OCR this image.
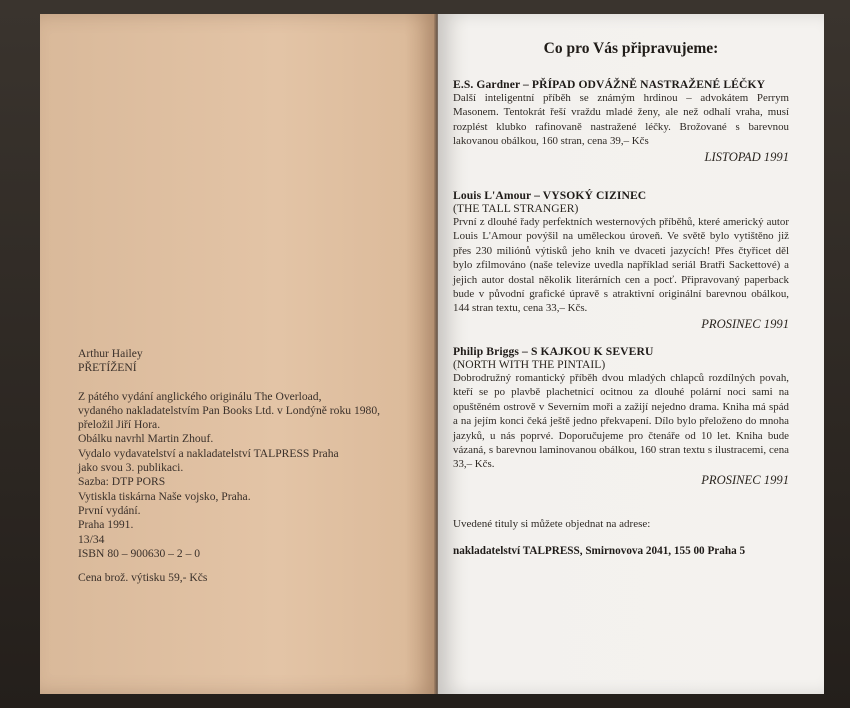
Arthur Hailey
PŘETÍŽENÍ
Z pátého vydání anglického originálu The Overload,
vydaného nakladatelstvím Pan Books Ltd. v Londýně roku 1980,
přeložil Jiří Hora.
Obálku navrhl Martin Zhouf.
Vydalo vydavatelství a nakladatelství TALPRESS Praha
jako svou 3. publikaci.
Sazba: DTP PORS
Vytiskla tiskárna Naše vojsko, Praha.
První vydání.
Praha 1991.
13/34
ISBN 80 – 900630 – 2 – 0
Cena brož. výtisku 59,- Kčs
Co pro Vás připravujeme:
E.S. Gardner – PŘÍPAD ODVÁŽNĚ NASTRAŽENÉ LÉČKY
Další inteligentní příběh se známým hrdinou – advokátem Perrym Masonem. Tentokrát řeší vraždu mladé ženy, ale než odhalí vraha, musí rozplést klubko rafinovaně nastražené léčky. Brožované s barevnou lakovanou obálkou, 160 stran, cena 39,– Kčs
LISTOPAD 1991
Louis L'Amour – VYSOKÝ CIZINEC
(THE TALL STRANGER)
První z dlouhé řady perfektních westernových příběhů, které americký autor Louis L'Amour povýšil na uměleckou úroveň. Ve světě bylo vytištěno již přes 230 miliónů výtisků jeho knih ve dvaceti jazycích! Přes čtyřicet děl bylo zfilmováno (naše televize uvedla například seriál Bratři Sackettové) a jejich autor dostal několik literárních cen a pocť. Připravovaný paperback bude v původní grafické úpravě s atraktivní originální barevnou obálkou, 144 stran textu, cena 33,– Kčs.
PROSINEC 1991
Philip Briggs – S KAJKOU K SEVERU
(NORTH WITH THE PINTAIL)
Dobrodružný romantický příběh dvou mladých chlapců rozdílných povah, kteří se po plavbě plachetnicí ocitnou za dlouhé polární noci sami na opuštěném ostrově v Severním moři a zažijí nejedno drama. Kniha má spád a na jejím konci čeká ještě jedno překvapení. Dílo bylo přeloženo do mnoha jazyků, u nás poprvé. Doporučujeme pro čtenáře od 10 let. Kniha bude vázaná, s barevnou laminovanou obálkou, 160 stran textu s ilustracemi, cena 33,– Kčs.
PROSINEC 1991
Uvedené tituly si můžete objednat na adrese:
nakladatelství TALPRESS, Smirnovova 2041, 155 00 Praha 5
